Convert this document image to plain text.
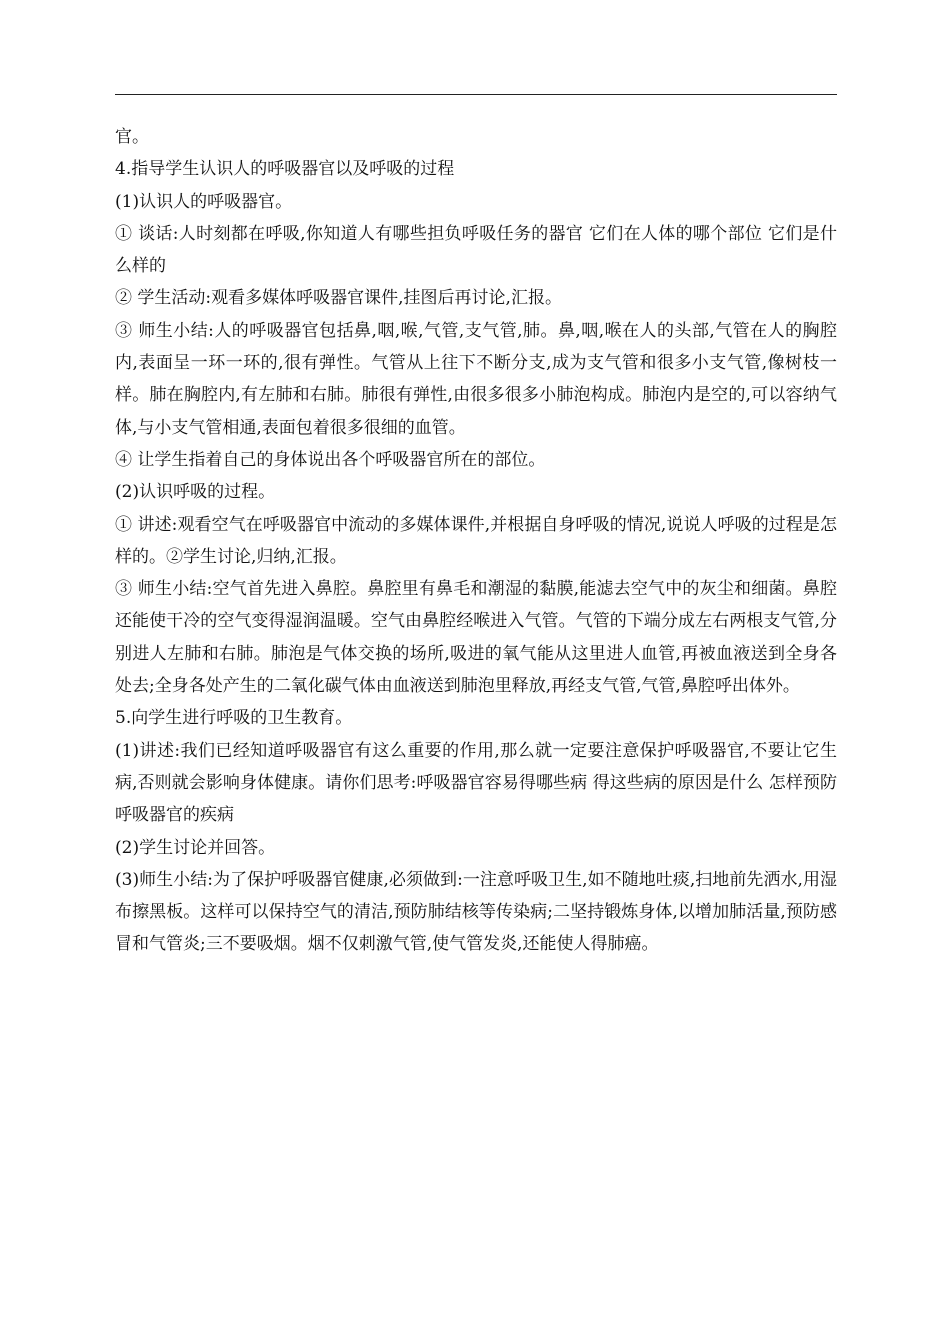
官。

4.指导学生认识人的呼吸器官以及呼吸的过程

(1)认识人的呼吸器官。

① 谈话:人时刻都在呼吸,你知道人有哪些担负呼吸任务的器官 它们在人体的哪个部位 它们是什么样的

② 学生活动:观看多媒体呼吸器官课件,挂图后再讨论,汇报。

③ 师生小结:人的呼吸器官包括鼻,咽,喉,气管,支气管,肺。鼻,咽,喉在人的头部,气管在人的胸腔内,表面呈一环一环的,很有弹性。气管从上往下不断分支,成为支气管和很多小支气管,像树枝一样。肺在胸腔内,有左肺和右肺。肺很有弹性,由很多很多小肺泡构成。肺泡内是空的,可以容纳气体,与小支气管相通,表面包着很多很细的血管。

④ 让学生指着自己的身体说出各个呼吸器官所在的部位。

(2)认识呼吸的过程。

① 讲述:观看空气在呼吸器官中流动的多媒体课件,并根据自身呼吸的情况,说说人呼吸的过程是怎样的。②学生讨论,归纳,汇报。

③ 师生小结:空气首先进入鼻腔。鼻腔里有鼻毛和潮湿的黏膜,能滤去空气中的灰尘和细菌。鼻腔还能使干冷的空气变得湿润温暖。空气由鼻腔经喉进入气管。气管的下端分成左右两根支气管,分别进人左肺和右肺。肺泡是气体交换的场所,吸进的氧气能从这里进人血管,再被血液送到全身各处去;全身各处产生的二氧化碳气体由血液送到肺泡里释放,再经支气管,气管,鼻腔呼出体外。

5.向学生进行呼吸的卫生教育。

(1)讲述:我们已经知道呼吸器官有这么重要的作用,那么就一定要注意保护呼吸器官,不要让它生病,否则就会影响身体健康。请你们思考:呼吸器官容易得哪些病 得这些病的原因是什么 怎样预防呼吸器官的疾病

(2)学生讨论并回答。

(3)师生小结:为了保护呼吸器官健康,必须做到:一注意呼吸卫生,如不随地吐痰,扫地前先洒水,用湿布擦黑板。这样可以保持空气的清洁,预防肺结核等传染病;二坚持锻炼身体,以增加肺活量,预防感冒和气管炎;三不要吸烟。烟不仅刺激气管,使气管发炎,还能使人得肺癌。
